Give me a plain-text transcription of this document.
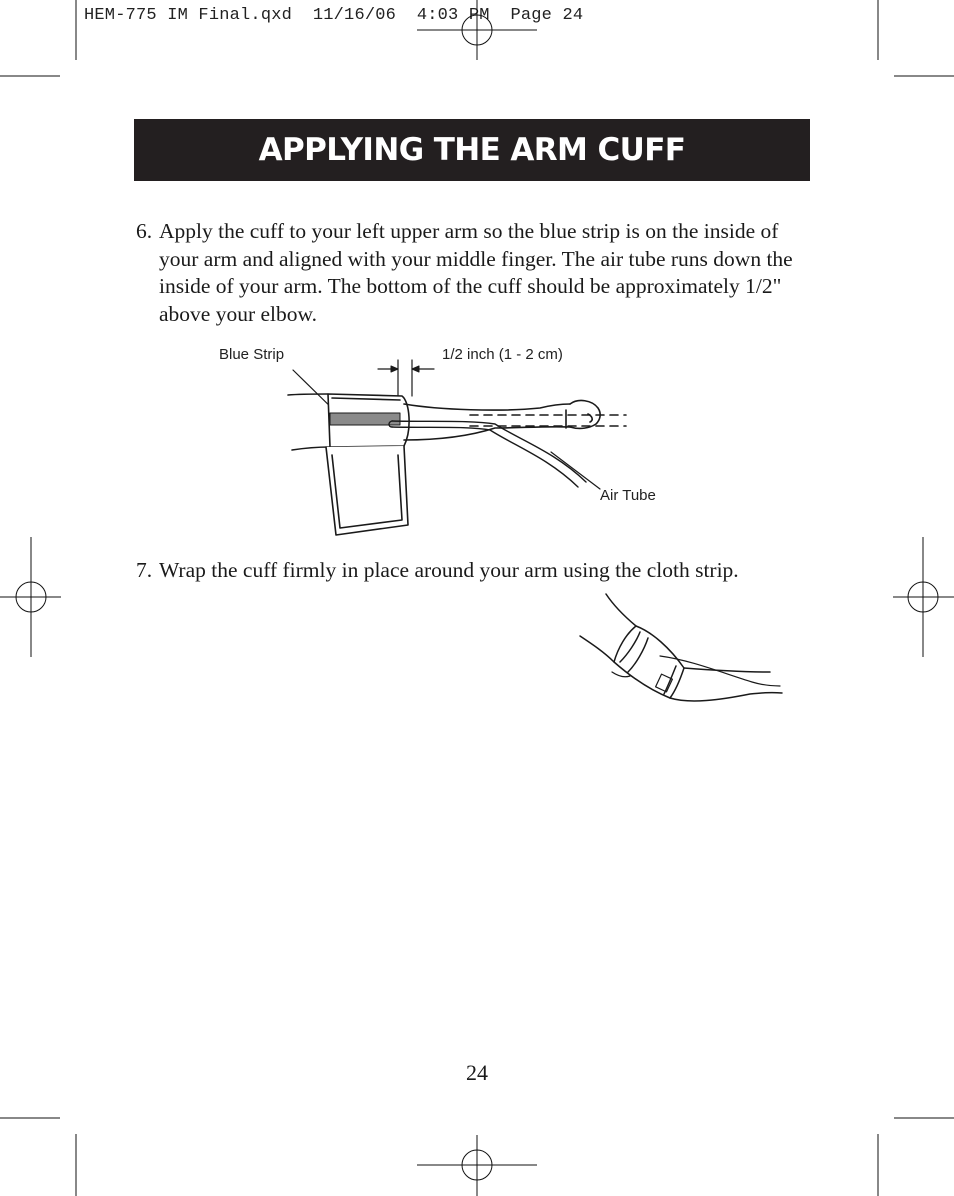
HEM-775 IM Final.qxd  11/16/06  4:03 PM  Page 24
APPLYING THE ARM CUFF

6. Apply the cuff to your left upper arm so the blue strip is on the inside of your arm and aligned with your middle finger. The air tube runs down the inside of your arm. The bottom of the cuff should be approximately 1/2" above your elbow.

Blue Strip	1/2 inch (1 - 2 cm)
Air Tube

7. Wrap the cuff firmly in place around your arm using the cloth strip.

24
